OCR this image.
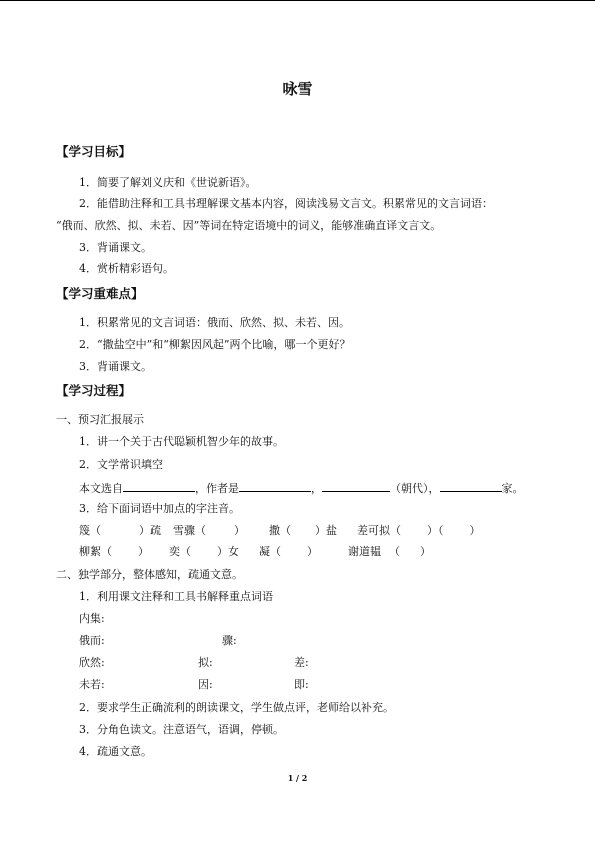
咏雪
【学习目标】
1．简要了解刘义庆和《世说新语》。
2．能借助注释和工具书理解课文基本内容，阅读浅易文言文。积累常见的文言词语：
“俄而、欣然、拟、未若、因”等词在特定语境中的词义，能够准确直译文言文。
3．背诵课文。
4．赏析精彩语句。
【学习重难点】
1．积累常见的文言词语：俄而、欣然、拟、未若、因。
2．“撒盐空中”和“柳絮因风起”两个比喻，哪一个更好？
3．背诵课文。
【学习过程】
一、预习汇报展示
1．讲一个关于古代聪颖机智少年的故事。
2．文学常识填空
本文选自	，作者是	，	（朝代），	家。
3．给下面词语中加点的字注音。
篾（	）疏 雪骤（	） 撒（ ）盐 差可拟（ ）（ ）
柳絮（ ） 奕（ ）女 凝（ ）	谢道韫 （ ）
二、独学部分，整体感知，疏通文意。
1．利用课文注释和工具书解释重点词语
内集:
俄而:	骤:
欣然:	拟:	差:
未若:	因:	即:
2．要求学生正确流利的朗读课文，学生做点评，老师给以补充。
3．分角色读文。注意语气，语调，停顿。
4．疏通文意。
1 / 2
